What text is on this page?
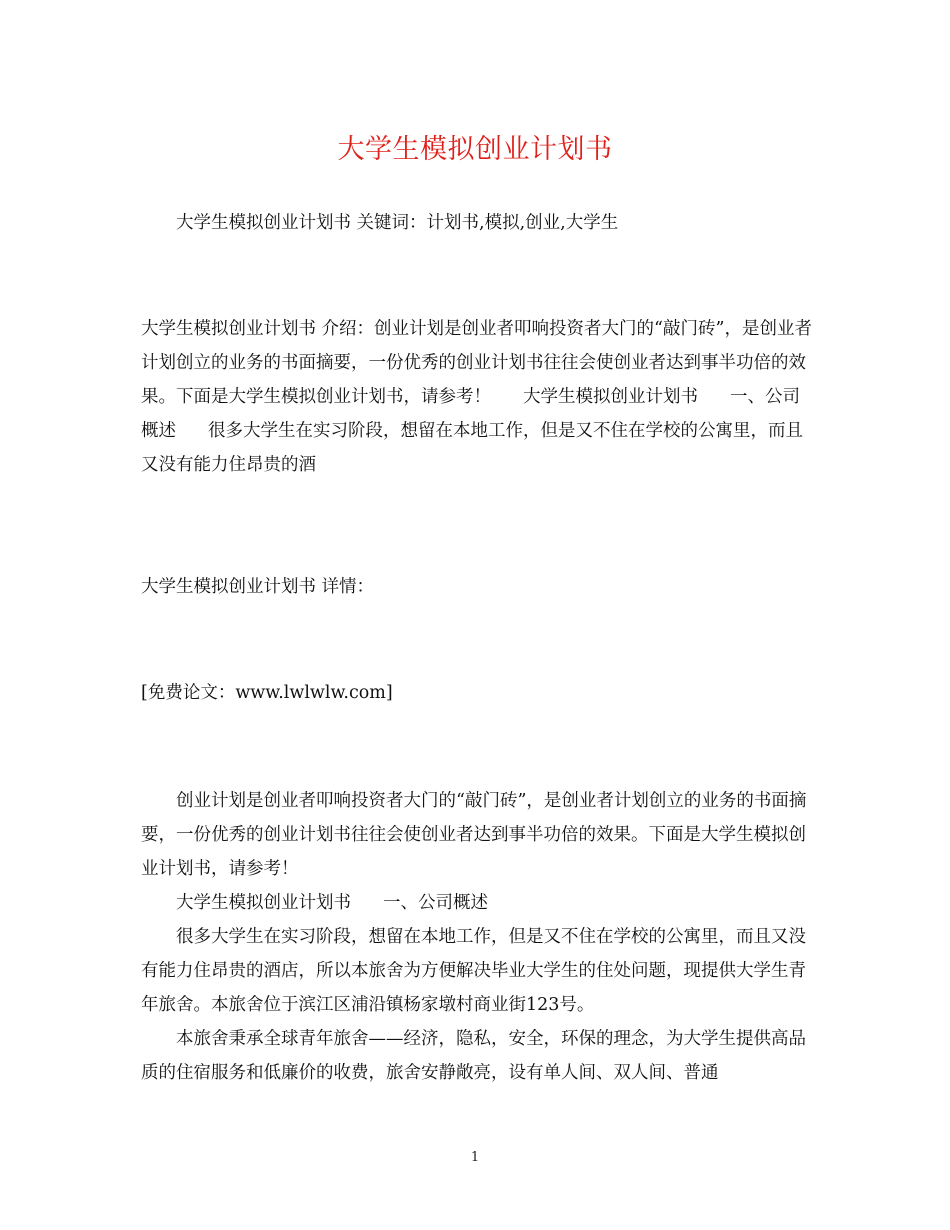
大学生模拟创业计划书

大学生模拟创业计划书 关键词：计划书,模拟,创业,大学生

大学生模拟创业计划书 介绍：创业计划是创业者叩响投资者大门的“敲门砖”，是创业者计划创立的业务的书面摘要，一份优秀的创业计划书往往会使创业者达到事半功倍的效果。下面是大学生模拟创业计划书，请参考！ 大学生模拟创业计划书 一、公司概述 很多大学生在实习阶段，想留在本地工作，但是又不住在学校的公寓里，而且又没有能力住昂贵的酒

大学生模拟创业计划书 详情：

[免费论文：www.lwlwlw.com]

创业计划是创业者叩响投资者大门的“敲门砖”，是创业者计划创立的业务的书面摘要，一份优秀的创业计划书往往会使创业者达到事半功倍的效果。下面是大学生模拟创业计划书，请参考！

大学生模拟创业计划书 一、公司概述

很多大学生在实习阶段，想留在本地工作，但是又不住在学校的公寓里，而且又没有能力住昂贵的酒店，所以本旅舍为方便解决毕业大学生的住处问题，现提供大学生青年旅舍。本旅舍位于滨江区浦沿镇杨家墩村商业街123号。

本旅舍秉承全球青年旅舍——经济，隐私，安全，环保的理念，为大学生提供高品质的住宿服务和低廉价的收费，旅舍安静敞亮，设有单人间、双人间、普通

1
